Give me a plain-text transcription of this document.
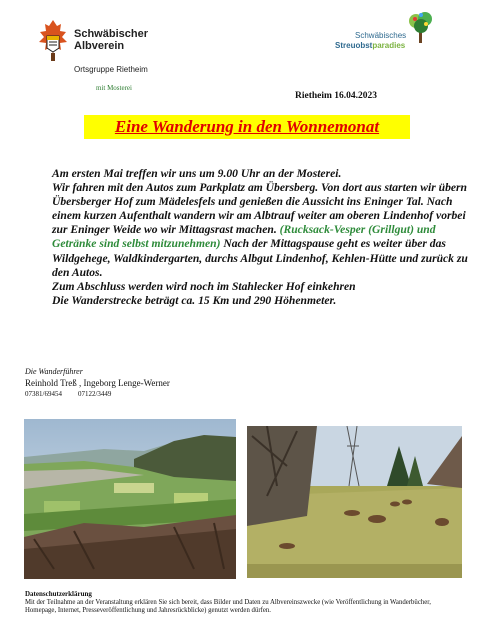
Schwäbischer
Albverein
Ortsgruppe Rietheim
mit Mosterei
Schwäbisches
Streuobstparadies
Rietheim 16.04.2023
Eine Wanderung in den Wonnemonat

Am ersten Mai treffen wir uns um 9.00 Uhr an der Mosterei.

Wir fahren mit den Autos zum Parkplatz am Übersberg. Von dort aus starten wir übern Übersberger Hof zum Mädelesfels und genießen die Aussicht ins Eninger Tal. Nach einem kurzen Aufenthalt wandern wir am Albtrauf weiter am oberen Lindenhof vorbei zur Eninger Weide wo wir Mittagsrast machen. (Rucksack-Vesper (Grillgut) und Getränke sind selbst mitzunehmen) Nach der Mittagspause geht es weiter über das Wildgehege, Waldkindergarten, durchs Albgut Lindenhof, Kehlen-Hütte und zurück zu den Autos.

Zum Abschluss werden wird noch im Stahlecker Hof einkehren

Die Wanderstrecke beträgt ca. 15 Km und 290 Höhenmeter.

Die Wanderführer
Reinhold Treß , Ingeborg Lenge-Werner
07381/69454 07122/3449
Datenschutzerklärung
Mit der Teilnahme an der Veranstaltung erklären Sie sich bereit, dass Bilder und Daten zu Albvereinszwecke (wie Veröffentlichung in Wanderbücher, Homepage, Internet, Presseveröffentlichung und Jahresrückblicke) genutzt werden dürfen.
